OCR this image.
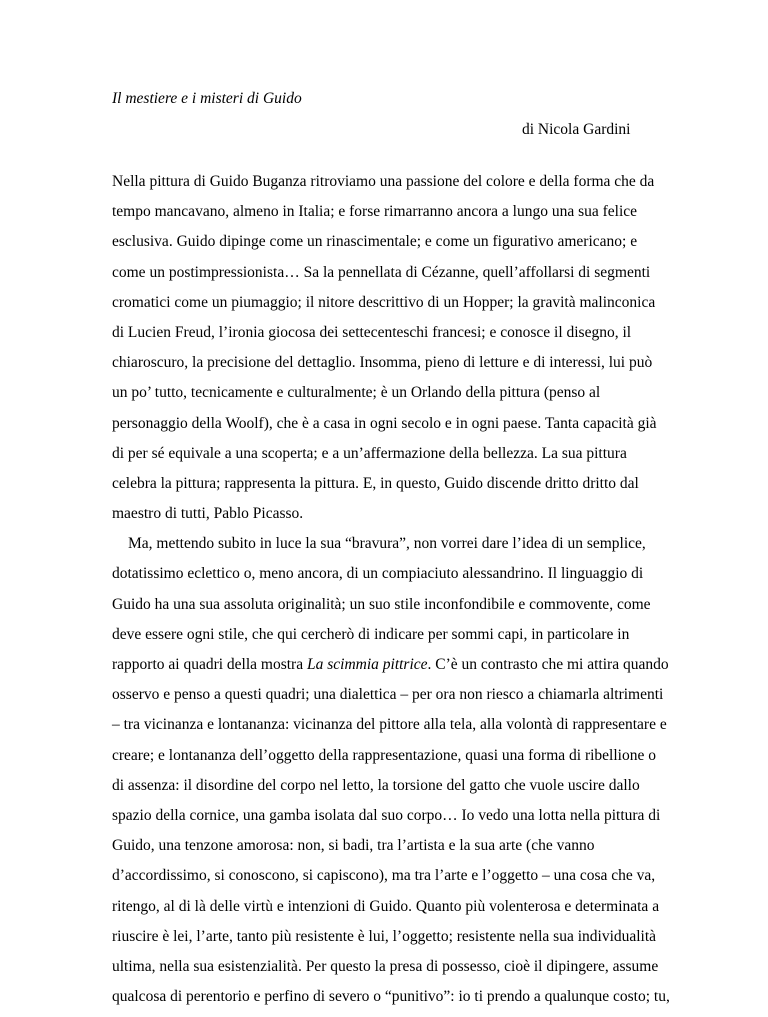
Il mestiere e i misteri di Guido
di Nicola Gardini
Nella pittura di Guido Buganza ritroviamo una passione del colore e della forma che da
tempo mancavano, almeno in Italia; e forse rimarranno ancora a lungo una sua felice
esclusiva. Guido dipinge come un rinascimentale; e come un figurativo americano; e
come un postimpressionista… Sa la pennellata di Cézanne, quell’affollarsi di segmenti
cromatici come un piumaggio; il nitore descrittivo di un Hopper; la gravità malinconica
di Lucien Freud, l’ironia giocosa dei settecenteschi francesi; e conosce il disegno, il
chiaroscuro, la precisione del dettaglio. Insomma, pieno di letture e di interessi, lui può
un po’ tutto, tecnicamente e culturalmente; è un Orlando della pittura (penso al
personaggio della Woolf), che è a casa in ogni secolo e in ogni paese. Tanta capacità già
di per sé equivale a una scoperta; e a un’affermazione della bellezza. La sua pittura
celebra la pittura; rappresenta la pittura. E, in questo, Guido discende dritto dritto dal
maestro di tutti, Pablo Picasso.
Ma, mettendo subito in luce la sua “bravura”, non vorrei dare l’idea di un semplice,
dotatissimo eclettico o, meno ancora, di un compiaciuto alessandrino. Il linguaggio di
Guido ha una sua assoluta originalità; un suo stile inconfondibile e commovente, come
deve essere ogni stile, che qui cercherò di indicare per sommi capi, in particolare in
rapporto ai quadri della mostra La scimmia pittrice. C’è un contrasto che mi attira quando
osservo e penso a questi quadri; una dialettica – per ora non riesco a chiamarla altrimenti
– tra vicinanza e lontananza: vicinanza del pittore alla tela, alla volontà di rappresentare e
creare; e lontananza dell’oggetto della rappresentazione, quasi una forma di ribellione o
di assenza: il disordine del corpo nel letto, la torsione del gatto che vuole uscire dallo
spazio della cornice, una gamba isolata dal suo corpo… Io vedo una lotta nella pittura di
Guido, una tenzone amorosa: non, si badi, tra l’artista e la sua arte (che vanno
d’accordissimo, si conoscono, si capiscono), ma tra l’arte e l’oggetto – una cosa che va,
ritengo, al di là delle virtù e intenzioni di Guido. Quanto più volenterosa e determinata a
riuscire è lei, l’arte, tanto più resistente è lui, l’oggetto; resistente nella sua individualità
ultima, nella sua esistenzialità. Per questo la presa di possesso, cioè il dipingere, assume
qualcosa di perentorio e perfino di severo o “punitivo”: io ti prendo a qualunque costo; tu,
